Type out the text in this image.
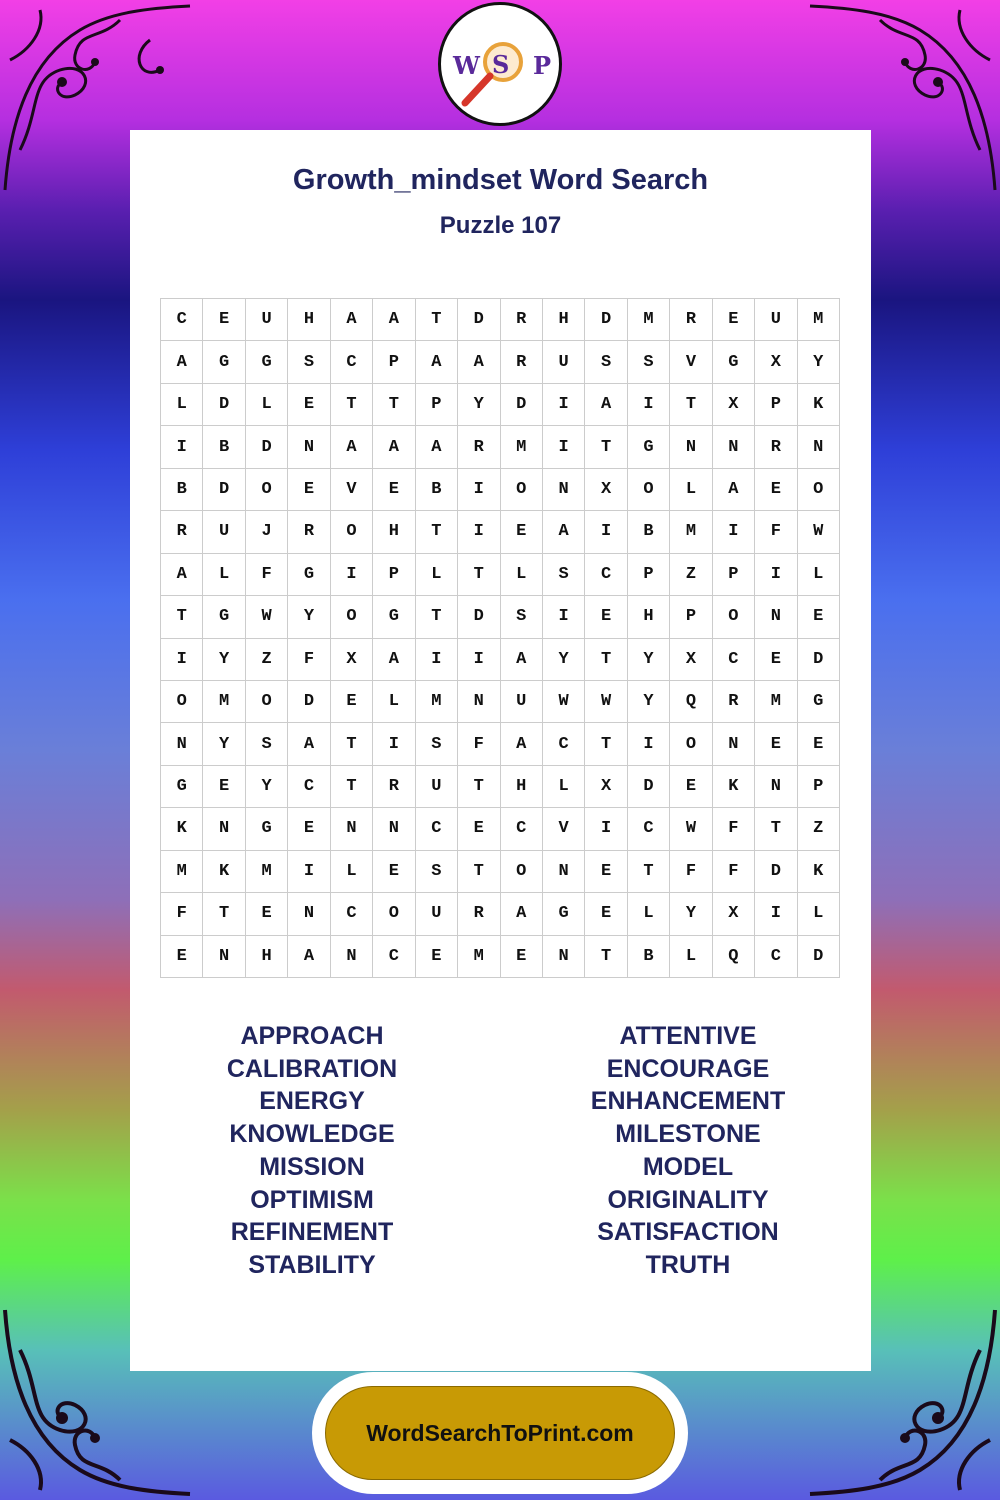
W S P
Growth_mindset Word Search
Puzzle 107
C	E	U	H	A	A	T	D	R	H	D	M	R	E	U	M
A	G	G	S	C	P	A	A	R	U	S	S	V	G	X	Y
L	D	L	E	T	T	P	Y	D	I	A	I	T	X	P	K
I	B	D	N	A	A	A	R	M	I	T	G	N	N	R	N
B	D	O	E	V	E	B	I	O	N	X	O	L	A	E	O
R	U	J	R	O	H	T	I	E	A	I	B	M	I	F	W
A	L	F	G	I	P	L	T	L	S	C	P	Z	P	I	L
T	G	W	Y	O	G	T	D	S	I	E	H	P	O	N	E
I	Y	Z	F	X	A	I	I	A	Y	T	Y	X	C	E	D
O	M	O	D	E	L	M	N	U	W	W	Y	Q	R	M	G
N	Y	S	A	T	I	S	F	A	C	T	I	O	N	E	E
G	E	Y	C	T	R	U	T	H	L	X	D	E	K	N	P
K	N	G	E	N	N	C	E	C	V	I	C	W	F	T	Z
M	K	M	I	L	E	S	T	O	N	E	T	F	F	D	K
F	T	E	N	C	O	U	R	A	G	E	L	Y	X	I	L
E	N	H	A	N	C	E	M	E	N	T	B	L	Q	C	D
APPROACH
CALIBRATION
ENERGY
KNOWLEDGE
MISSION
OPTIMISM
REFINEMENT
STABILITY
ATTENTIVE
ENCOURAGE
ENHANCEMENT
MILESTONE
MODEL
ORIGINALITY
SATISFACTION
TRUTH
WordSearchToPrint.com
